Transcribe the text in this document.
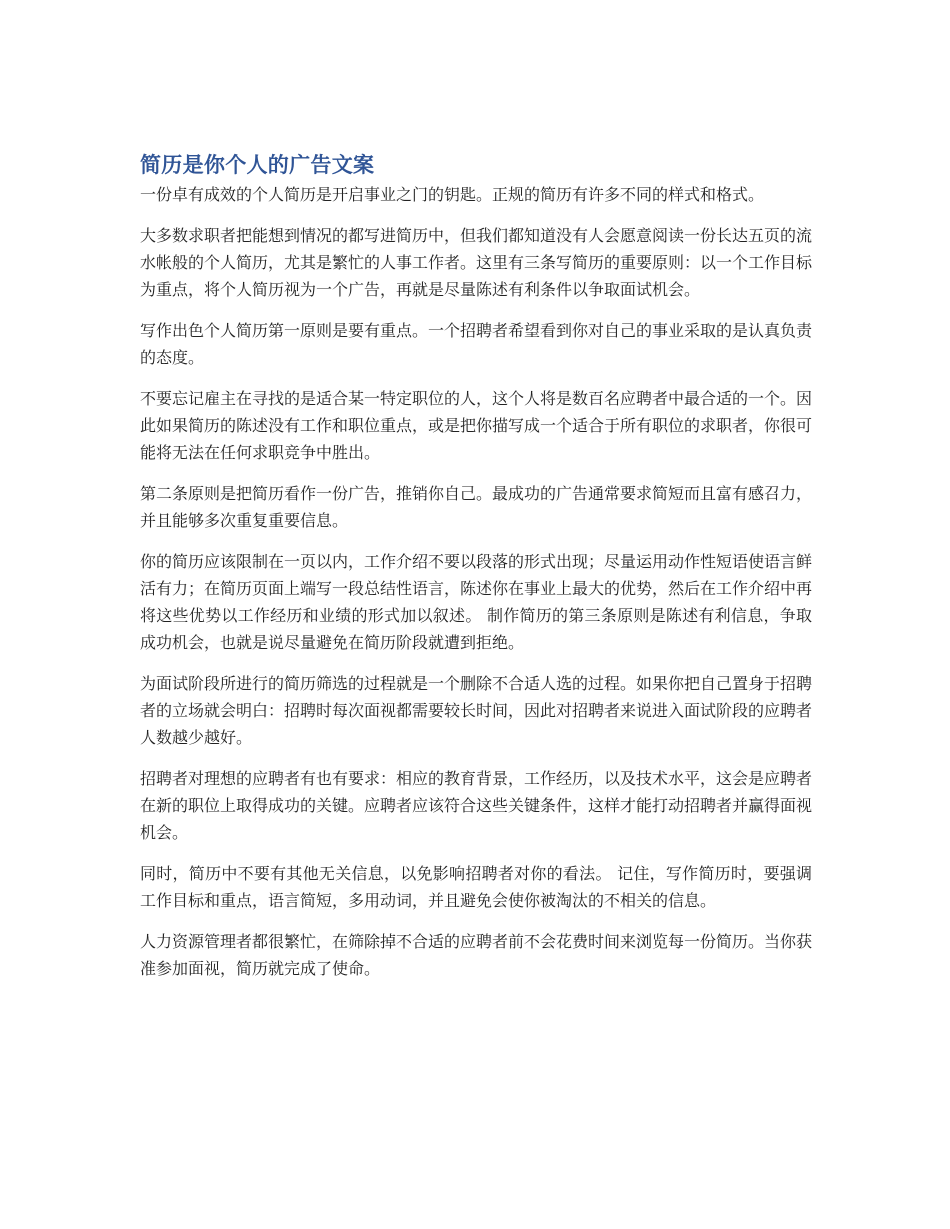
简历是你个人的广告文案

一份卓有成效的个人简历是开启事业之门的钥匙。正规的简历有许多不同的样式和格式。

大多数求职者把能想到情况的都写进简历中，但我们都知道没有人会愿意阅读一份长达五页的流水帐般的个人简历，尤其是繁忙的人事工作者。这里有三条写简历的重要原则：以一个工作目标为重点，将个人简历视为一个广告，再就是尽量陈述有利条件以争取面试机会。

写作出色个人简历第一原则是要有重点。一个招聘者希望看到你对自己的事业采取的是认真负责的态度。

不要忘记雇主在寻找的是适合某一特定职位的人，这个人将是数百名应聘者中最合适的一个。因此如果简历的陈述没有工作和职位重点，或是把你描写成一个适合于所有职位的求职者，你很可能将无法在任何求职竞争中胜出。

第二条原则是把简历看作一份广告，推销你自己。最成功的广告通常要求简短而且富有感召力，并且能够多次重复重要信息。

你的简历应该限制在一页以内，工作介绍不要以段落的形式出现；尽量运用动作性短语使语言鲜活有力；在简历页面上端写一段总结性语言，陈述你在事业上最大的优势，然后在工作介绍中再将这些优势以工作经历和业绩的形式加以叙述。 制作简历的第三条原则是陈述有利信息，争取成功机会，也就是说尽量避免在简历阶段就遭到拒绝。

为面试阶段所进行的简历筛选的过程就是一个删除不合适人选的过程。如果你把自己置身于招聘者的立场就会明白：招聘时每次面视都需要较长时间，因此对招聘者来说进入面试阶段的应聘者人数越少越好。

招聘者对理想的应聘者有也有要求：相应的教育背景，工作经历，以及技术水平，这会是应聘者在新的职位上取得成功的关键。应聘者应该符合这些关键条件，这样才能打动招聘者并赢得面视机会。

同时，简历中不要有其他无关信息，以免影响招聘者对你的看法。 记住，写作简历时，要强调工作目标和重点，语言简短，多用动词，并且避免会使你被淘汰的不相关的信息。

人力资源管理者都很繁忙，在筛除掉不合适的应聘者前不会花费时间来浏览每一份简历。当你获准参加面视，简历就完成了使命。
